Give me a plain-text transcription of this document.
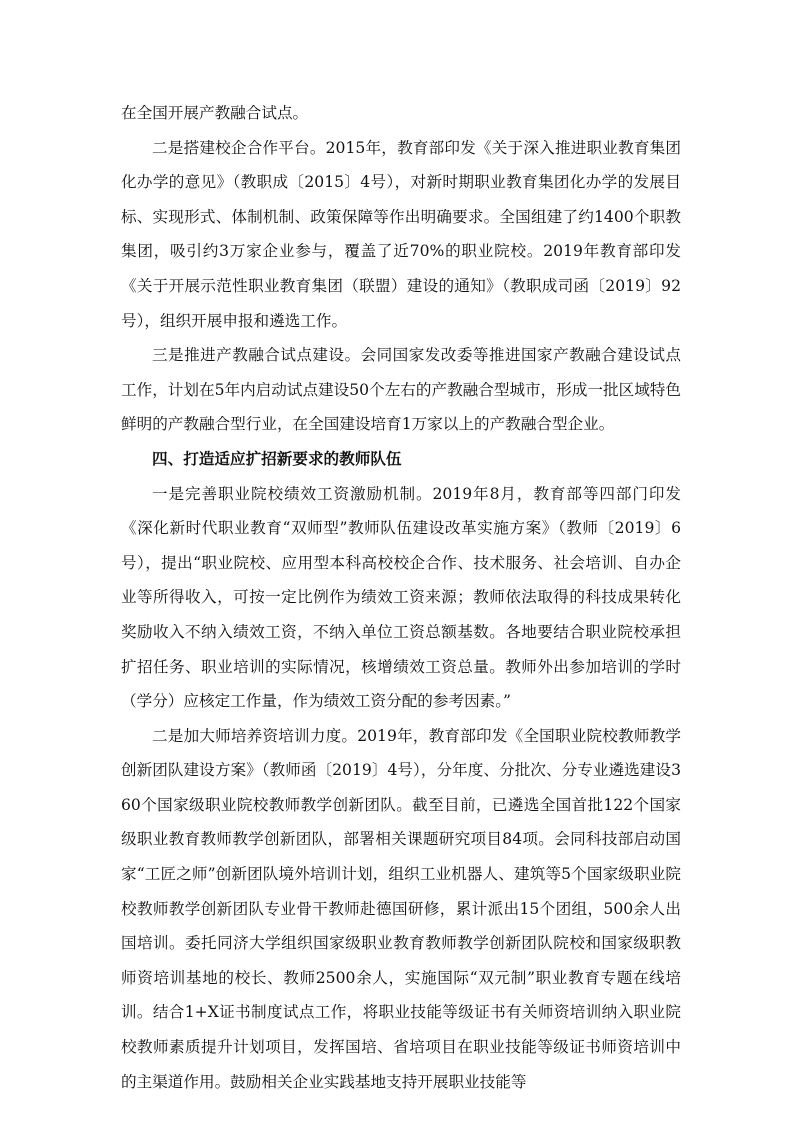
在全国开展产教融合试点。

二是搭建校企合作平台。2015年，教育部印发《关于深入推进职业教育集团化办学的意见》（教职成〔2015〕4号），对新时期职业教育集团化办学的发展目标、实现形式、体制机制、政策保障等作出明确要求。全国组建了约1400个职教集团，吸引约3万家企业参与，覆盖了近70%的职业院校。2019年教育部印发《关于开展示范性职业教育集团（联盟）建设的通知》（教职成司函〔2019〕92号），组织开展申报和遴选工作。

三是推进产教融合试点建设。会同国家发改委等推进国家产教融合建设试点工作，计划在5年内启动试点建设50个左右的产教融合型城市，形成一批区域特色鲜明的产教融合型行业，在全国建设培育1万家以上的产教融合型企业。

四、打造适应扩招新要求的教师队伍

一是完善职业院校绩效工资激励机制。2019年8月，教育部等四部门印发《深化新时代职业教育“双师型”教师队伍建设改革实施方案》（教师〔2019〕6号），提出“职业院校、应用型本科高校校企合作、技术服务、社会培训、自办企业等所得收入，可按一定比例作为绩效工资来源；教师依法取得的科技成果转化奖励收入不纳入绩效工资，不纳入单位工资总额基数。各地要结合职业院校承担扩招任务、职业培训的实际情况，核增绩效工资总量。教师外出参加培训的学时（学分）应核定工作量，作为绩效工资分配的参考因素。”

二是加大师培养资培训力度。2019年，教育部印发《全国职业院校教师教学创新团队建设方案》（教师函〔2019〕4号），分年度、分批次、分专业遴选建设360个国家级职业院校教师教学创新团队。截至目前，已遴选全国首批122个国家级职业教育教师教学创新团队，部署相关课题研究项目84项。会同科技部启动国家“工匠之师”创新团队境外培训计划，组织工业机器人、建筑等5个国家级职业院校教师教学创新团队专业骨干教师赴德国研修，累计派出15个团组，500余人出国培训。委托同济大学组织国家级职业教育教师教学创新团队院校和国家级职教师资培训基地的校长、教师2500余人，实施国际“双元制”职业教育专题在线培训。结合1+X证书制度试点工作，将职业技能等级证书有关师资培训纳入职业院校教师素质提升计划项目，发挥国培、省培项目在职业技能等级证书师资培训中的主渠道作用。鼓励相关企业实践基地支持开展职业技能等
